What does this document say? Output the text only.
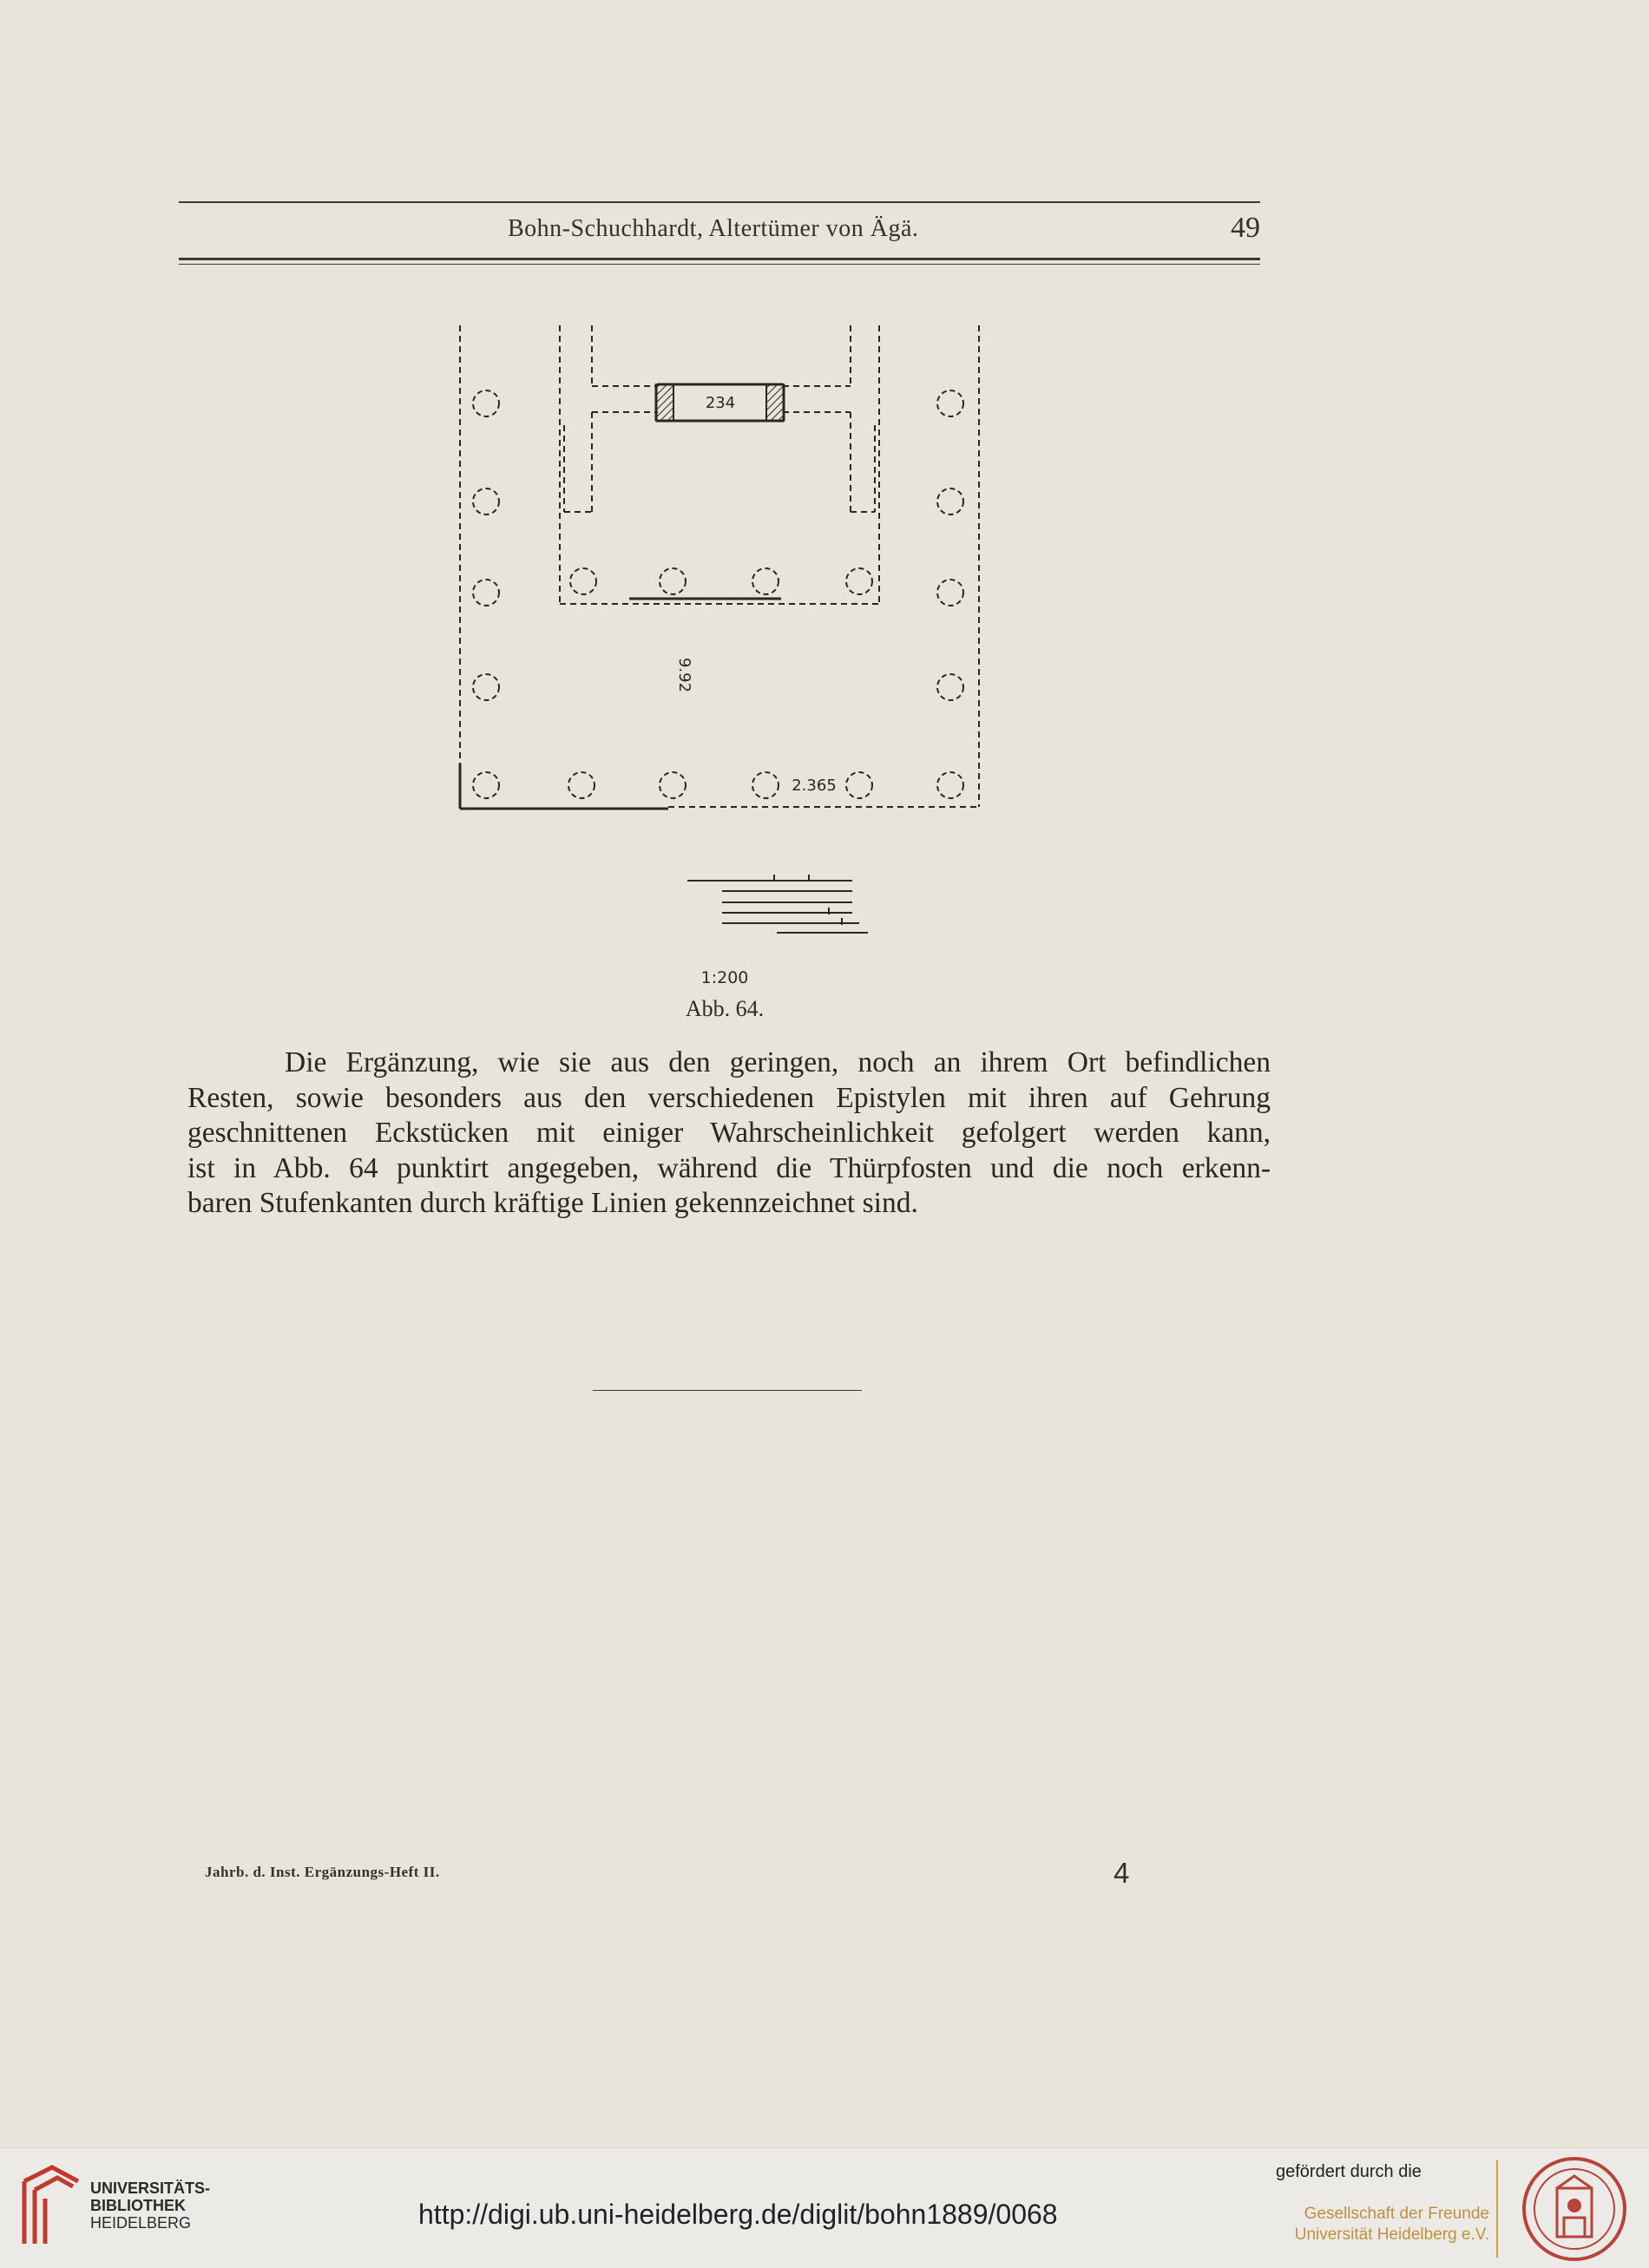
Bohn-Schuchhardt, Altertümer von Ägä.	49
234
9.92
2.365
1:200
Abb. 64.
Die Ergänzung, wie sie aus den geringen, noch an ihrem Ort befindlichen
Resten, sowie besonders aus den verschiedenen Epistylen mit ihren auf Gehrung
geschnittenen Eckstücken mit einiger Wahrscheinlichkeit gefolgert werden kann,
ist in Abb. 64 punktirt angegeben, während die Thürpfosten und die noch erkenn-
baren Stufenkanten durch kräftige Linien gekennzeichnet sind.
Jahrb. d. Inst. Ergänzungs-Heft II.	4
UNIVERSITÄTS-
BIBLIOTHEK
HEIDELBERG	http://digi.ub.uni-heidelberg.de/diglit/bohn1889/0068
gefördert durch die
Gesellschaft der Freunde
Universität Heidelberg e.V.
